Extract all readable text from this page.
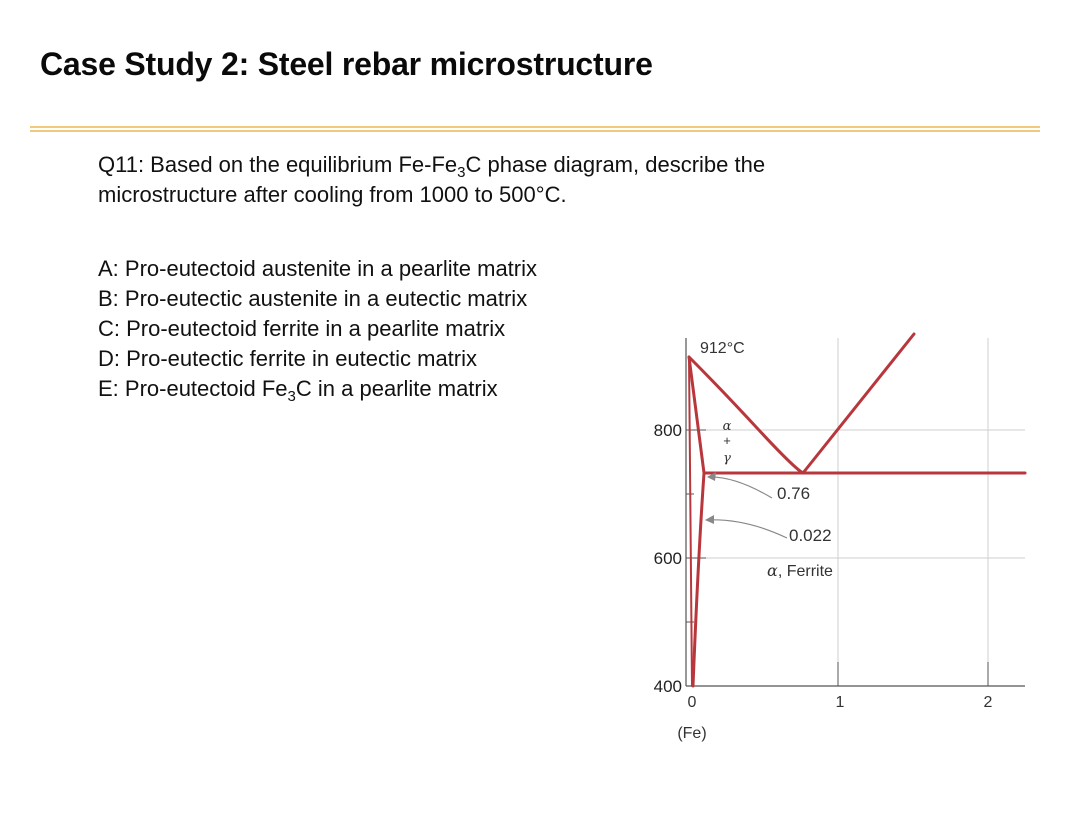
Case Study 2: Steel rebar microstructure
Q11: Based on the equilibrium $Fe-Fe_3C$ phase diagram, describe the
microstructure after cooling from 1000 to 500°C.
A: Pro-eutectoid austenite in a pearlite matrix
B: Pro-eutectic austenite in a eutectic matrix
C: Pro-eutectoid ferrite in a pearlite matrix
D: Pro-eutectic ferrite in eutectic matrix
E: Pro-eutectoid $Fe_3C$ in a pearlite matrix
800
600
400
0	1	2
(Fe)
912°C
α
+
γ
0.76
0.022
α, Ferrite
